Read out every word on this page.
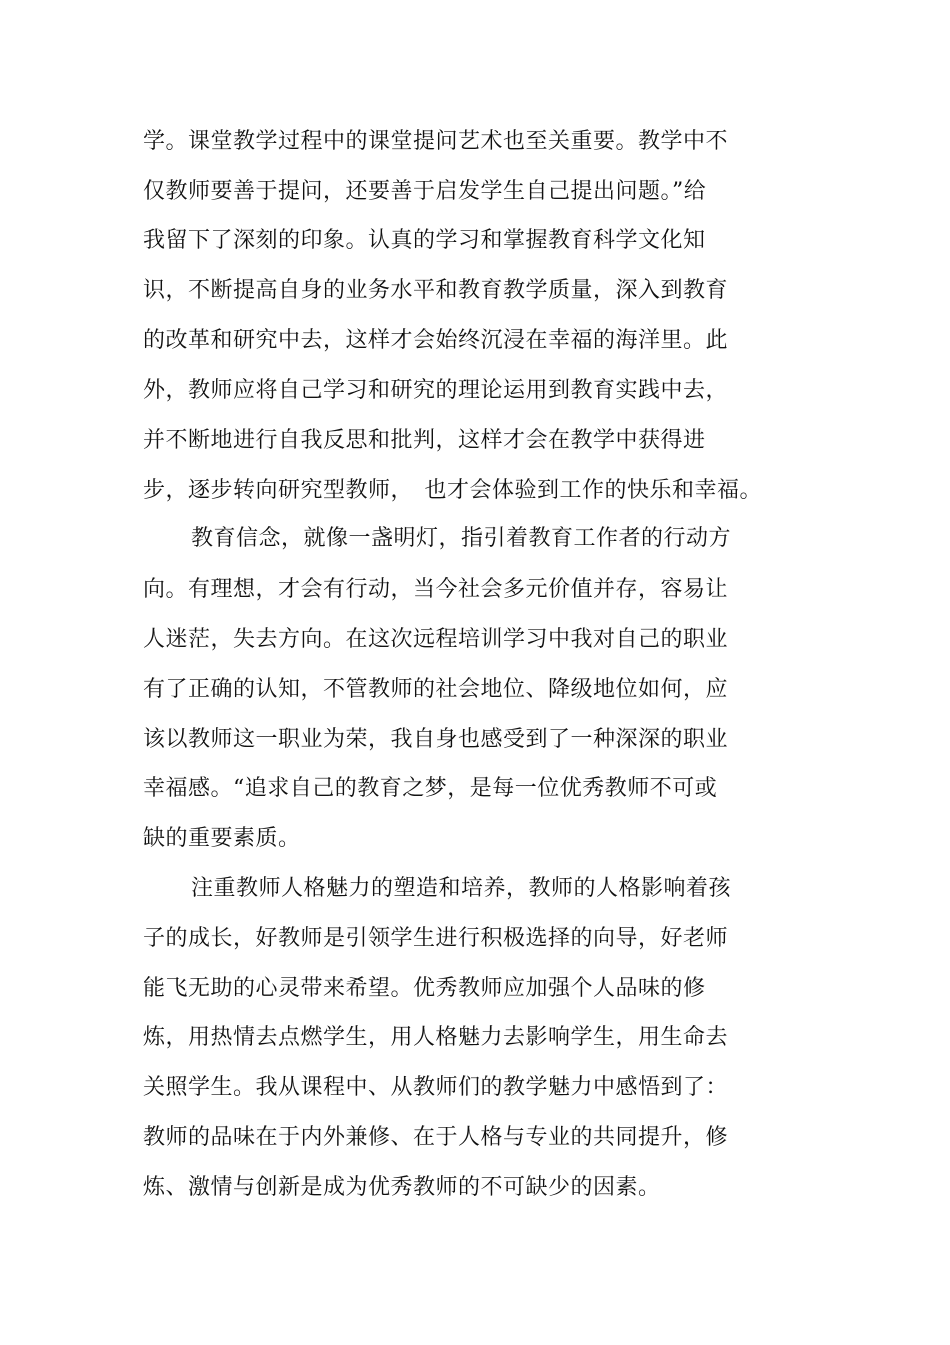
学。课堂教学过程中的课堂提问艺术也至关重要。教学中不
仅教师要善于提问，还要善于启发学生自己提出问题。”给
我留下了深刻的印象。认真的学习和掌握教育科学文化知
识，不断提高自身的业务水平和教育教学质量，深入到教育
的改革和研究中去，这样才会始终沉浸在幸福的海洋里。此
外，教师应将自己学习和研究的理论运用到教育实践中去，
并不断地进行自我反思和批判，这样才会在教学中获得进
步，逐步转向研究型教师，　也才会体验到工作的快乐和幸福。
教育信念，就像一盏明灯，指引着教育工作者的行动方
向。有理想，才会有行动，当今社会多元价值并存，容易让
人迷茫，失去方向。在这次远程培训学习中我对自己的职业
有了正确的认知，不管教师的社会地位、降级地位如何，应
该以教师这一职业为荣，我自身也感受到了一种深深的职业
幸福感。“追求自己的教育之梦，是每一位优秀教师不可或
缺的重要素质。
注重教师人格魅力的塑造和培养，教师的人格影响着孩
子的成长，好教师是引领学生进行积极选择的向导，好老师
能飞无助的心灵带来希望。优秀教师应加强个人品味的修
炼，用热情去点燃学生，用人格魅力去影响学生，用生命去
关照学生。我从课程中、从教师们的教学魅力中感悟到了：
教师的品味在于内外兼修、在于人格与专业的共同提升，修
炼、激情与创新是成为优秀教师的不可缺少的因素。
